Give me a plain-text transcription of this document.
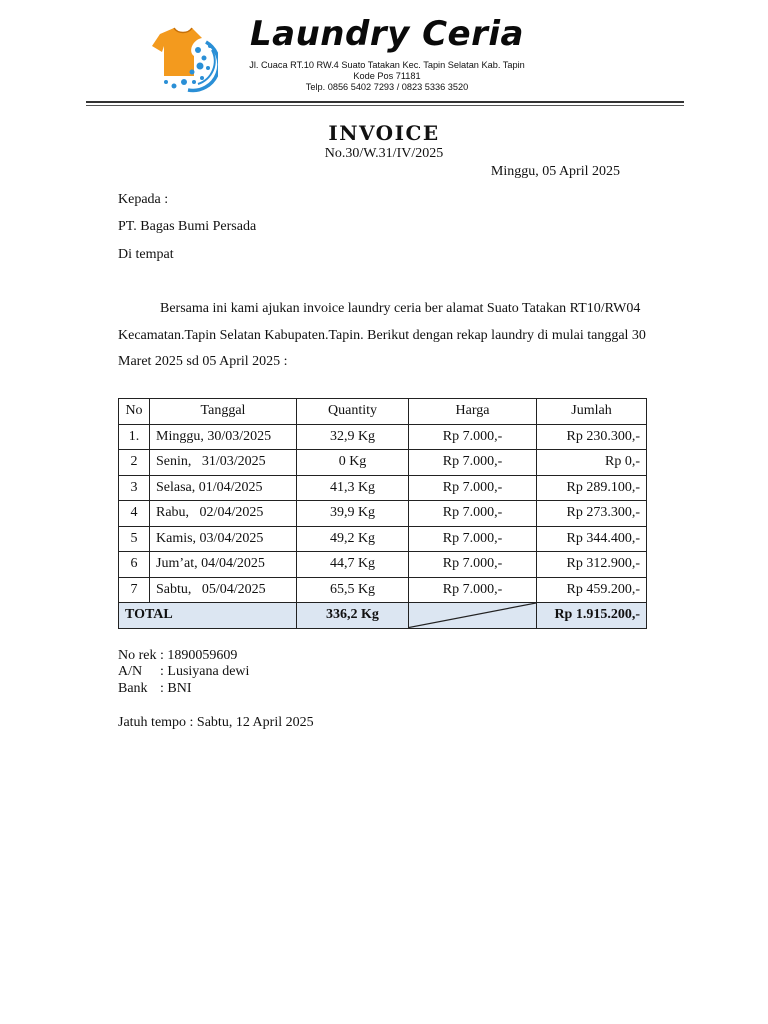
Laundry Ceria
Jl. Cuaca RT.10 RW.4 Suato Tatakan Kec. Tapin Selatan Kab. Tapin
Kode Pos 71181
Telp. 0856 5402 7293 / 0823 5336 3520
INVOICE
No.30/W.31/IV/2025
Minggu, 05 April 2025
Kepada :
PT. Bagas Bumi Persada
Di tempat
Bersama ini kami ajukan invoice laundry ceria ber alamat Suato Tatakan RT10/RW04
Kecamatan.Tapin Selatan Kabupaten.Tapin. Berikut dengan rekap laundry di mulai tanggal 30
Maret 2025 sd 05 April 2025 :
No	Tanggal	Quantity	Harga	Jumlah
1.	Minggu, 30/03/2025	32,9 Kg	Rp 7.000,-	Rp 230.300,-
2	Senin,   31/03/2025	0 Kg	Rp 7.000,-	Rp 0,-
3	Selasa, 01/04/2025	41,3 Kg	Rp 7.000,-	Rp 289.100,-
4	Rabu,   02/04/2025	39,9 Kg	Rp 7.000,-	Rp 273.300,-
5	Kamis, 03/04/2025	49,2 Kg	Rp 7.000,-	Rp 344.400,-
6	Jum’at, 04/04/2025	44,7 Kg	Rp 7.000,-	Rp 312.900,-
7	Sabtu,   05/04/2025	65,5 Kg	Rp 7.000,-	Rp 459.200,-
TOTAL		336,2 Kg		Rp 1.915.200,-
No rek : 1890059609
A/N : Lusiyana dewi
Bank : BNI
Jatuh tempo : Sabtu, 12 April 2025
